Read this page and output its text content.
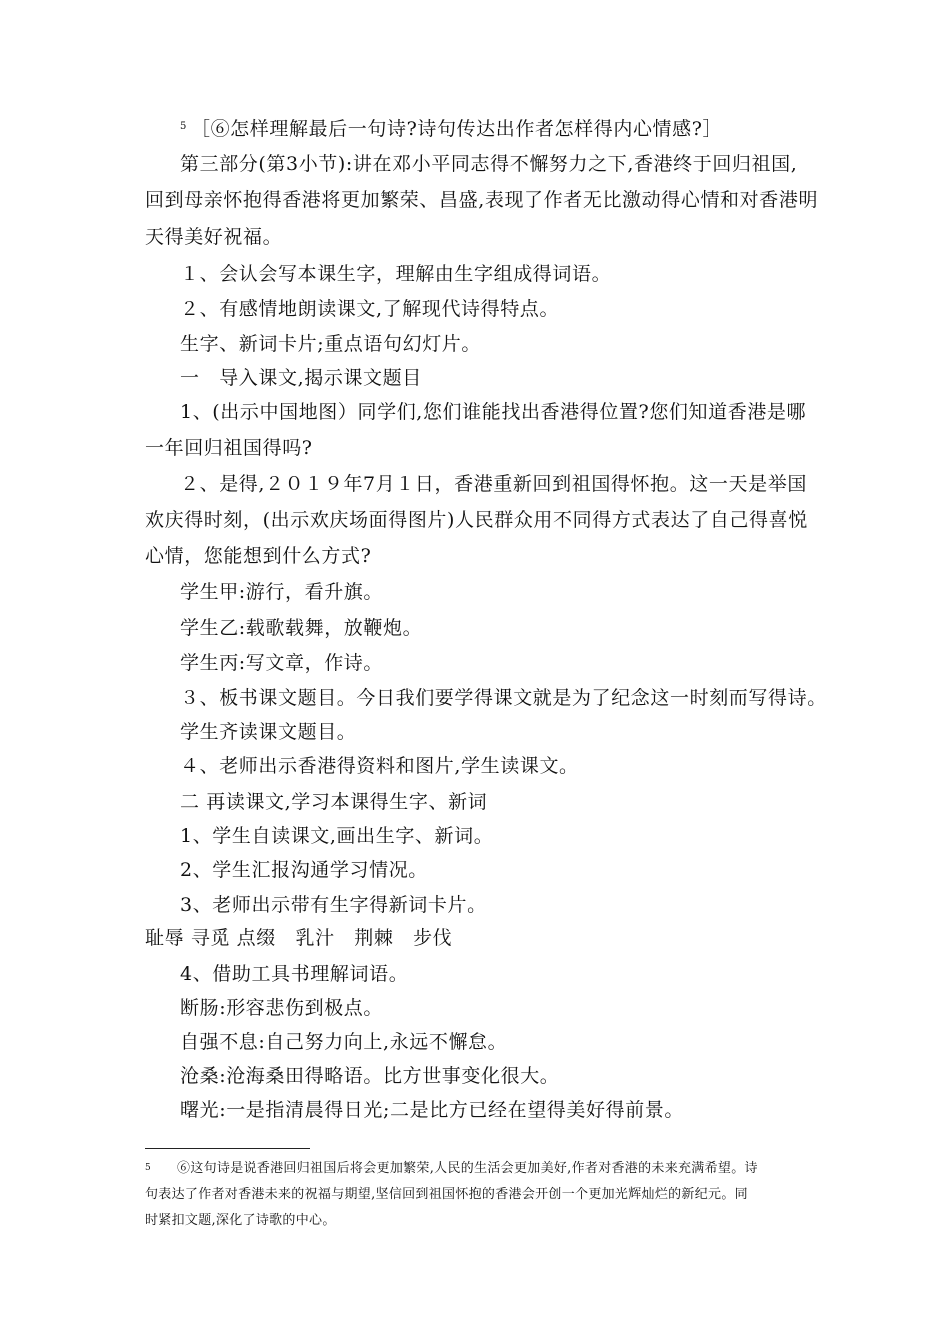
$^5$ ［⑥怎样理解最后一句诗?诗句传达出作者怎样得内心情感?］
第三部分(第3小节):讲在邓小平同志得不懈努力之下,香港终于回归祖国,
回到母亲怀抱得香港将更加繁荣、昌盛,表现了作者无比激动得心情和对香港明
天得美好祝福。
１、会认会写本课生字，理解由生字组成得词语。
２、有感情地朗读课文,了解现代诗得特点。
生字、新词卡片;重点语句幻灯片。
一　导入课文,揭示课文题目
1、(出示中国地图）同学们,您们谁能找出香港得位置?您们知道香港是哪
一年回归祖国得吗?
２、是得,２０１９年7月１日，香港重新回到祖国得怀抱。这一天是举国
欢庆得时刻，(出示欢庆场面得图片)人民群众用不同得方式表达了自己得喜悦
心情，您能想到什么方式?
学生甲:游行，看升旗。
学生乙:载歌载舞，放鞭炮。
学生丙:写文章，作诗。
３、板书课文题目。今日我们要学得课文就是为了纪念这一时刻而写得诗。
学生齐读课文题目。
４、老师出示香港得资料和图片,学生读课文。
二 再读课文,学习本课得生字、新词
1、学生自读课文,画出生字、新词。
2、学生汇报沟通学习情况。
3、老师出示带有生字得新词卡片。
耻辱 寻觅 点缀　乳汁　荆棘　步伐
4、借助工具书理解词语。
断肠:形容悲伤到极点。
自强不息:自己努力向上,永远不懈怠。
沧桑:沧海桑田得略语。比方世事变化很大。
曙光:一是指清晨得日光;二是比方已经在望得美好得前景。
$^5$ ⑥这句诗是说香港回归祖国后将会更加繁荣,人民的生活会更加美好,作者对香港的未来充满希望。诗
句表达了作者对香港未来的祝福与期望,坚信回到祖国怀抱的香港会开创一个更加光辉灿烂的新纪元。同
时紧扣文题,深化了诗歌的中心。
